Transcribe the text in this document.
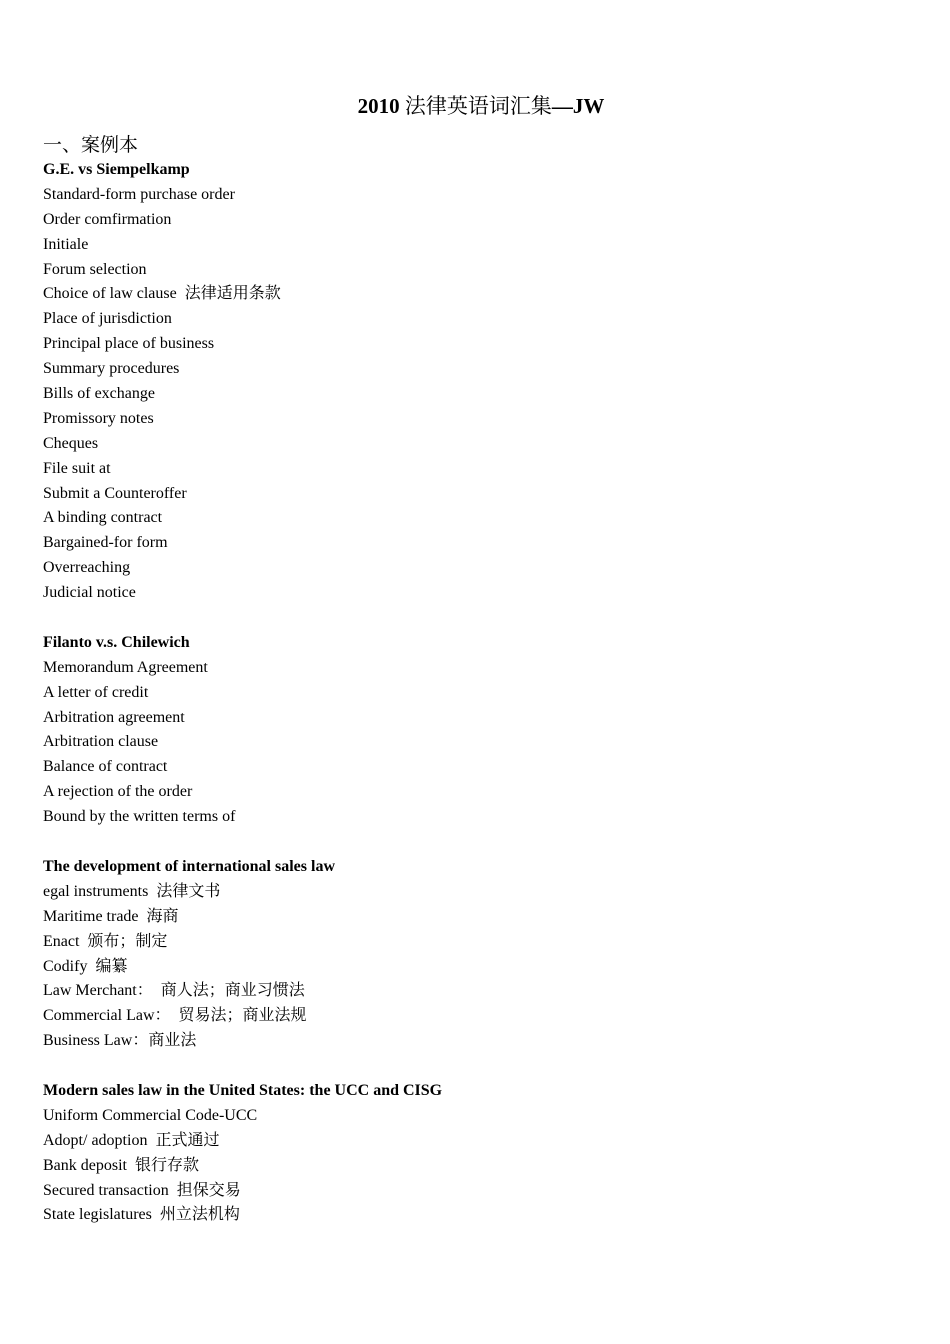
2010 法律英语词汇集—JW
一、案例本
G.E. vs Siempelkamp
Standard-form purchase order
Order comfirmation
Initiale
Forum selection
Choice of law clause  法律适用条款
Place of jurisdiction
Principal place of business
Summary procedures
Bills of exchange
Promissory notes
Cheques
File suit at
Submit a Counteroffer
A binding contract
Bargained-for form
Overreaching
Judicial notice
Filanto v.s. Chilewich
Memorandum Agreement
A letter of credit
Arbitration agreement
Arbitration clause
Balance of contract
A rejection of the order
Bound by the written terms of
The development of international sales law
egal instruments  法律文书
Maritime trade  海商
Enact  颁布；制定
Codify  编纂
Law Merchant：  商人法；商业习惯法
Commercial Law：  贸易法；商业法规
Business Law：商业法
Modern sales law in the United States: the UCC and CISG
Uniform Commercial Code-UCC
Adopt/ adoption  正式通过
Bank deposit  银行存款
Secured transaction  担保交易
State legislatures  州立法机构
